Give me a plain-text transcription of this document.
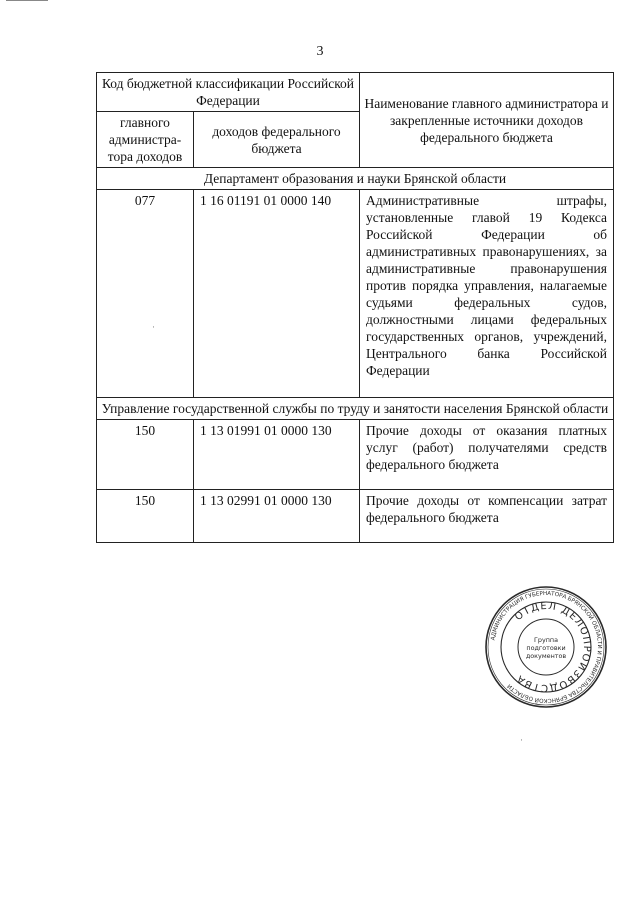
3
Код бюджетной классификации Российской Федерации		Наименование главного администратора и закрепленные источники доходов федерального бюджета
главного администра-тора доходов	доходов федерального бюджета	
Департамент образования и науки Брянской области		
077	1 16 01191 01 0000 140	Административные штрафы, установленные главой 19 Кодекса Российской Федерации об административных правонарушениях, за административные правонарушения против порядка управления, налагаемые судьями федеральных судов, должностными лицами федеральных государственных органов, учреждений, Центрального банка Российской Федерации
Управление государственной службы по труду и занятости населения Брянской области		
150	1 13 01991 01 0000 130	Прочие доходы от оказания платных услуг (работ) получателями средств федерального бюджета
150	1 13 02991 01 0000 130	Прочие доходы от компенсации затрат федерального бюджета
АДМИНИСТРАЦИЯ ГУБЕРНАТОРА БРЯНСКОЙ ОБЛАСТИ И ПРАВИТЕЛЬСТВА БРЯНСКОЙ ОБЛАСТИ
ОТДЕЛ ДЕЛОПРОИЗВОДСТВА
Группа
подготовки
документов
·
·
